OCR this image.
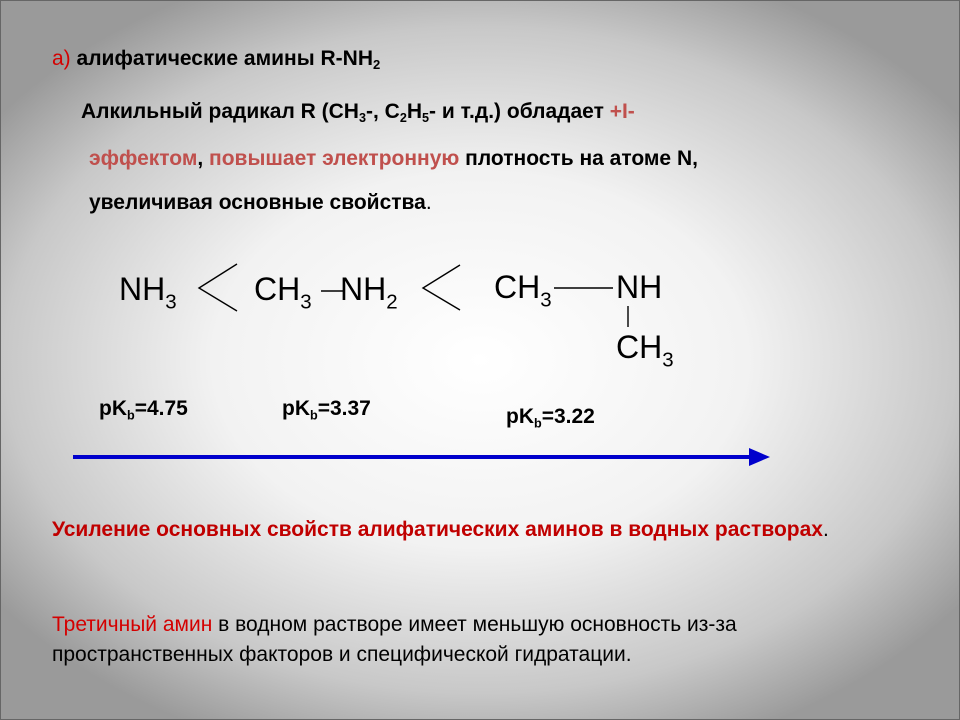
а) алифатические амины $R-NH_2$
Алкильный радикал R ($CH_3-$, $C_2H_5-$ и т.д.) обладает +I-
эффектом, повышает электронную плотность на атоме N,
увеличивая основные свойства.
$NH_3$ $CH_3$ $NH_2$	$CH_3$ NH
$CH_3$
$pK_b=4.75$	$pK_b=3.37$	$pK_b=3.22$
Усиление основных свойств алифатических аминов в водных растворах.
Третичный амин в водном растворе имеет меньшую основность из-за пространственных факторов и специфической гидратации.
